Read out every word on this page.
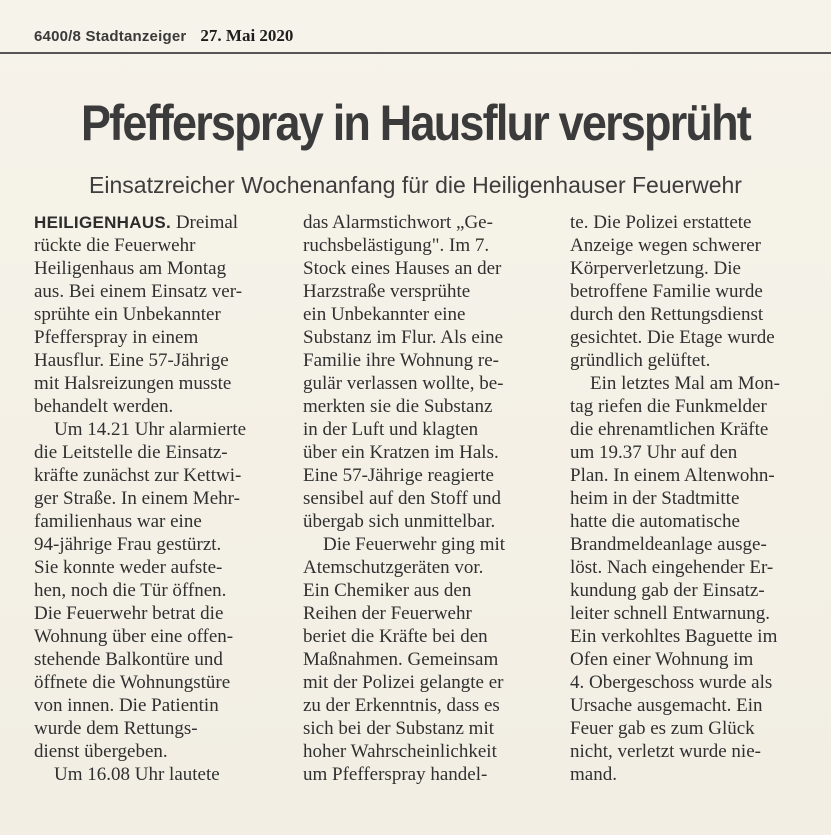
6400/8 Stadtanzeiger 27. Mai 2020
Pfefferspray in Hausflur versprüht
Einsatzreicher Wochenanfang für die Heiligenhauser Feuerwehr
HEILIGENHAUS. Dreimal
rückte die Feuerwehr
Heiligenhaus am Montag
aus. Bei einem Einsatz ver-
sprühte ein Unbekannter
Pfefferspray in einem
Hausflur. Eine 57-Jährige
mit Halsreizungen musste
behandelt werden.
Um 14.21 Uhr alarmierte
die Leitstelle die Einsatz-
kräfte zunächst zur Kettwi-
ger Straße. In einem Mehr-
familienhaus war eine
94-jährige Frau gestürzt.
Sie konnte weder aufste-
hen, noch die Tür öffnen.
Die Feuerwehr betrat die
Wohnung über eine offen-
stehende Balkontüre und
öffnete die Wohnungstüre
von innen. Die Patientin
wurde dem Rettungs-
dienst übergeben.
Um 16.08 Uhr lautete
das Alarmstichwort „Ge-
ruchsbelästigung". Im 7.
Stock eines Hauses an der
Harzstraße versprühte
ein Unbekannter eine
Substanz im Flur. Als eine
Familie ihre Wohnung re-
gulär verlassen wollte, be-
merkten sie die Substanz
in der Luft und klagten
über ein Kratzen im Hals.
Eine 57-Jährige reagierte
sensibel auf den Stoff und
übergab sich unmittelbar.
Die Feuerwehr ging mit
Atemschutzgeräten vor.
Ein Chemiker aus den
Reihen der Feuerwehr
beriet die Kräfte bei den
Maßnahmen. Gemeinsam
mit der Polizei gelangte er
zu der Erkenntnis, dass es
sich bei der Substanz mit
hoher Wahrscheinlichkeit
um Pfefferspray handel-
te. Die Polizei erstattete
Anzeige wegen schwerer
Körperverletzung. Die
betroffene Familie wurde
durch den Rettungsdienst
gesichtet. Die Etage wurde
gründlich gelüftet.
Ein letztes Mal am Mon-
tag riefen die Funkmelder
die ehrenamtlichen Kräfte
um 19.37 Uhr auf den
Plan. In einem Altenwohn-
heim in der Stadtmitte
hatte die automatische
Brandmeldeanlage ausge-
löst. Nach eingehender Er-
kundung gab der Einsatz-
leiter schnell Entwarnung.
Ein verkohltes Baguette im
Ofen einer Wohnung im
4. Obergeschoss wurde als
Ursache ausgemacht. Ein
Feuer gab es zum Glück
nicht, verletzt wurde nie-
mand.
